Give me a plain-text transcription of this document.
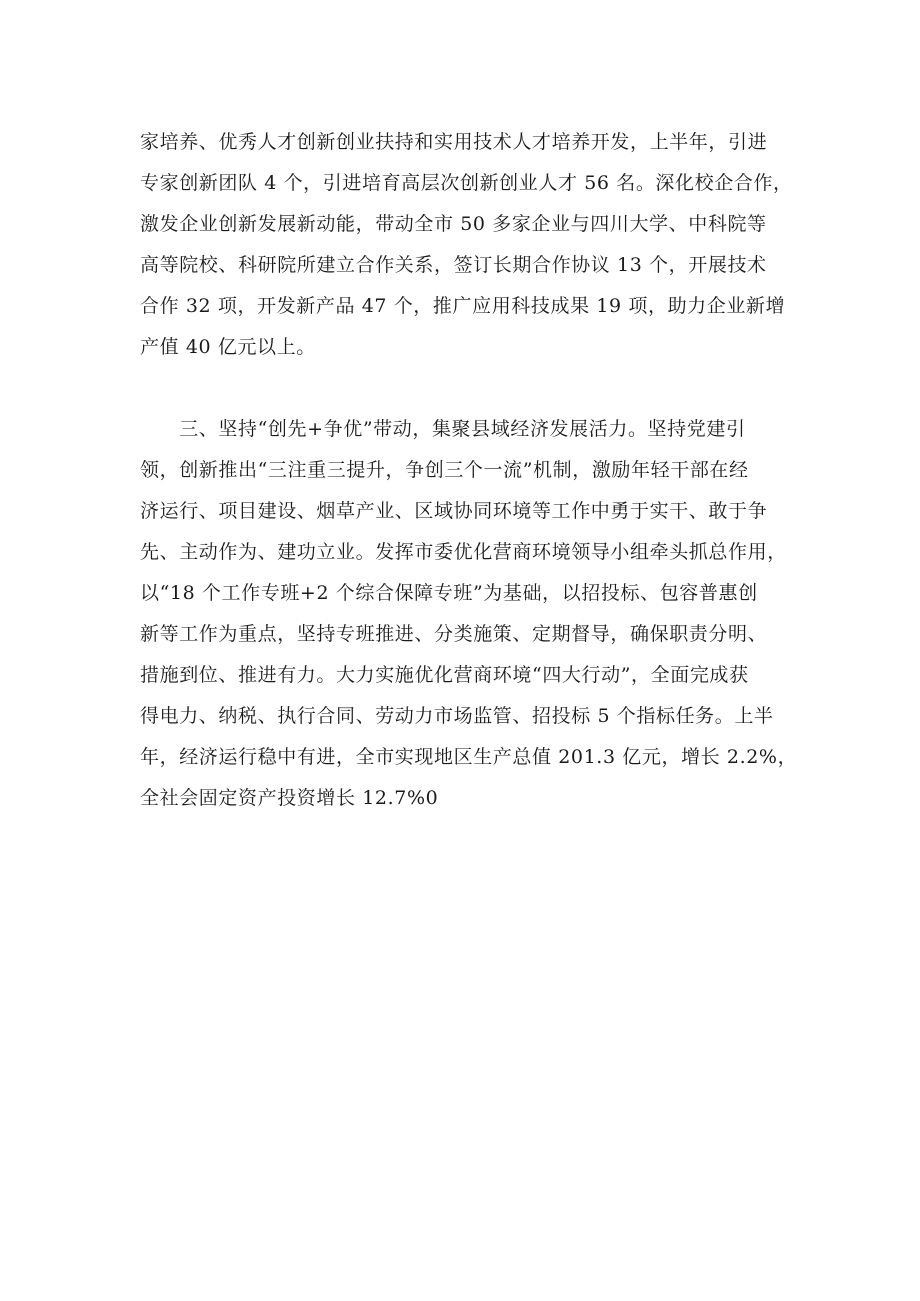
家培养、优秀人才创新创业扶持和实用技术人才培养开发，上半年，引进
专家创新团队 4 个，引进培育高层次创新创业人才 56 名。深化校企合作，
激发企业创新发展新动能，带动全市 50 多家企业与四川大学、中科院等
高等院校、科研院所建立合作关系，签订长期合作协议 13 个，开展技术
合作 32 项，开发新产品 47 个，推广应用科技成果 19 项，助力企业新增
产值 40 亿元以上。
　　三、坚持“创先+争优”带动，集聚县域经济发展活力。坚持党建引
领，创新推出“三注重三提升，争创三个一流”机制，激励年轻干部在经
济运行、项目建设、烟草产业、区域协同环境等工作中勇于实干、敢于争
先、主动作为、建功立业。发挥市委优化营商环境领导小组牵头抓总作用，
以“18 个工作专班+2 个综合保障专班”为基础，以招投标、包容普惠创
新等工作为重点，坚持专班推进、分类施策、定期督导，确保职责分明、
措施到位、推进有力。大力实施优化营商环境“四大行动”，全面完成获
得电力、纳税、执行合同、劳动力市场监管、招投标 5 个指标任务。上半
年，经济运行稳中有进，全市实现地区生产总值 201.3 亿元，增长 2.2%，
全社会固定资产投资增长 12.7%0
